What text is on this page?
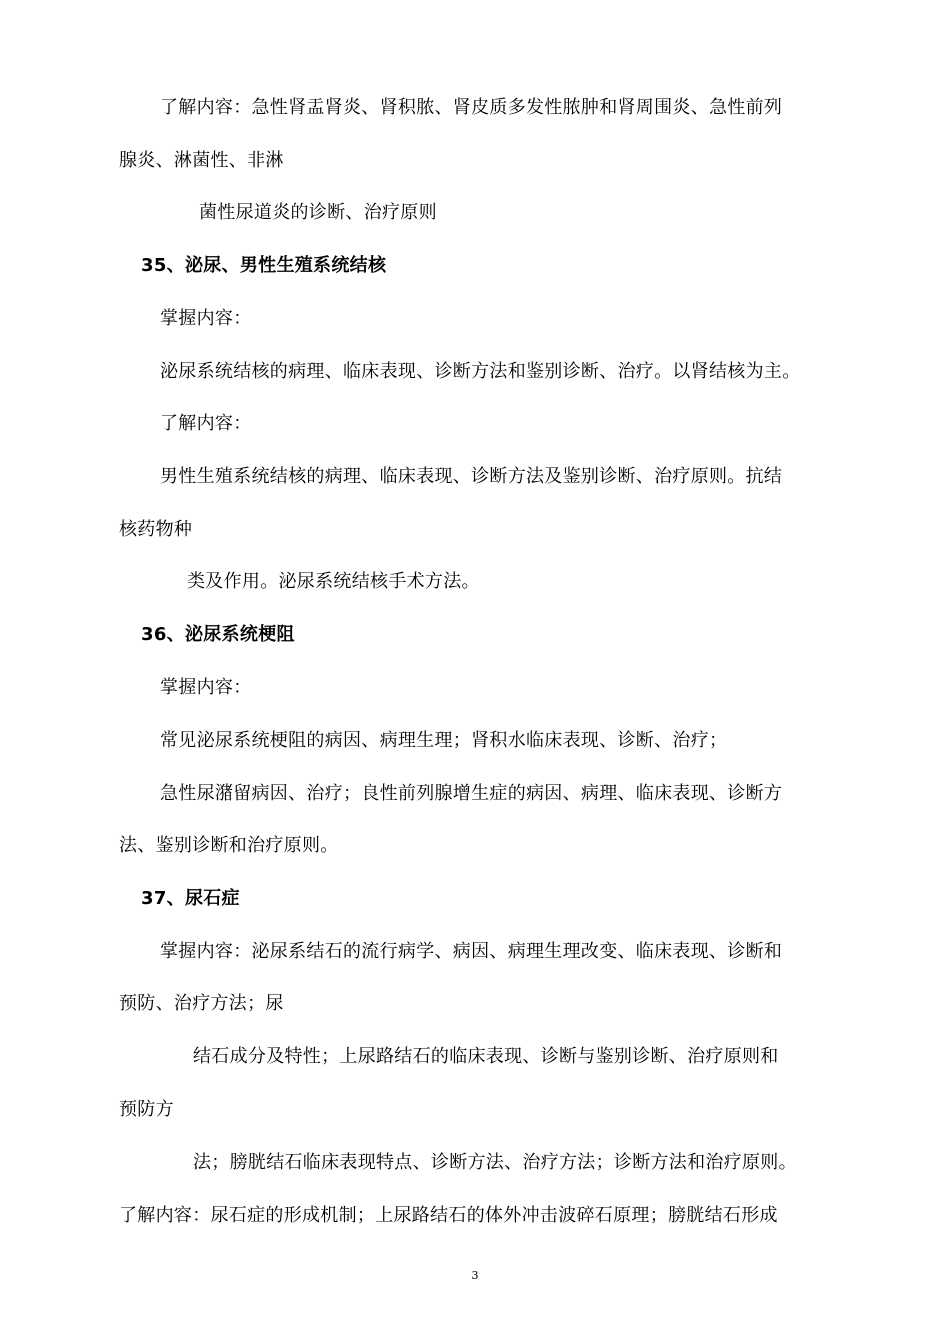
了解内容：急性肾盂肾炎、肾积脓、肾皮质多发性脓肿和肾周围炎、急性前列
腺炎、淋菌性、非淋
菌性尿道炎的诊断、治疗原则
35、泌尿、男性生殖系统结核
掌握内容：
泌尿系统结核的病理、临床表现、诊断方法和鉴别诊断、治疗。以肾结核为主。
了解内容：
男性生殖系统结核的病理、临床表现、诊断方法及鉴别诊断、治疗原则。抗结
核药物种
类及作用。泌尿系统结核手术方法。
36、泌尿系统梗阻
掌握内容：
常见泌尿系统梗阻的病因、病理生理；肾积水临床表现、诊断、治疗；
急性尿潴留病因、治疗；良性前列腺增生症的病因、病理、临床表现、诊断方
法、鉴别诊断和治疗原则。
37、尿石症
掌握内容：泌尿系结石的流行病学、病因、病理生理改变、临床表现、诊断和
预防、治疗方法；尿
结石成分及特性；上尿路结石的临床表现、诊断与鉴别诊断、治疗原则和
预防方
法；膀胱结石临床表现特点、诊断方法、治疗方法；诊断方法和治疗原则。
了解内容：尿石症的形成机制；上尿路结石的体外冲击波碎石原理；膀胱结石形成
3
